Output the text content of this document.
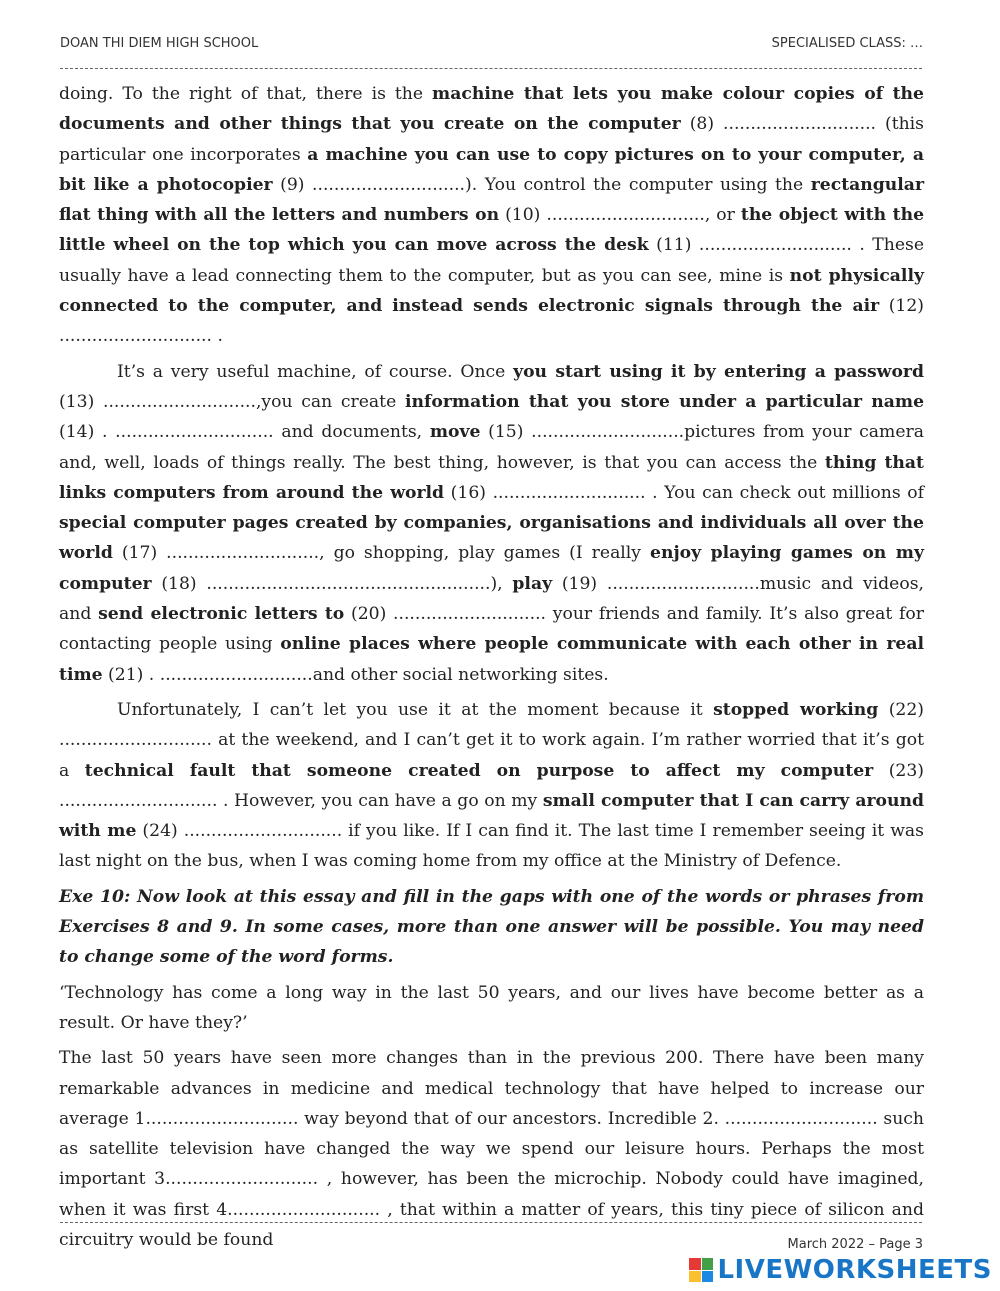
DOAN THI DIEM HIGH SCHOOL	SPECIALISED CLASS: …

doing. To the right of that, there is the machine that lets you make colour copies of the documents and other things that you create on the computer (8) ............................ (this particular one incorporates a machine you can use to copy pictures on to your computer, a bit like a photocopier (9) ............................). You control the computer using the rectangular flat thing with all the letters and numbers on (10) ............................., or the object with the little wheel on the top which you can move across the desk (11) ............................ . These usually have a lead connecting them to the computer, but as you can see, mine is not physically connected to the computer, and instead sends electronic signals through the air (12) ............................ .

It’s a very useful machine, of course. Once you start using it by entering a password (13) ............................,you can create information that you store under a particular name (14) . ............................. and documents, move (15) ............................pictures from your camera and, well, loads of things really. The best thing, however, is that you can access the thing that links computers from around the world (16) ............................ . You can check out millions of special computer pages created by companies, organisations and individuals all over the world (17) ............................, go shopping, play games (I really enjoy playing games on my computer (18) ....................................................), play (19) ............................music and videos, and send electronic letters to (20) ............................ your friends and family. It’s also great for contacting people using online places where people communicate with each other in real time (21) . ............................and other social networking sites.

Unfortunately, I can’t let you use it at the moment because it stopped working (22) ............................ at the weekend, and I can’t get it to work again. I’m rather worried that it’s got a technical fault that someone created on purpose to affect my computer (23) ............................. . However, you can have a go on my small computer that I can carry around with me (24) ............................. if you like. If I can find it. The last time I remember seeing it was last night on the bus, when I was coming home from my office at the Ministry of Defence.

Exe 10: Now look at this essay and fill in the gaps with one of the words or phrases from Exercises 8 and 9. In some cases, more than one answer will be possible. You may need to change some of the word forms.

‘Technology has come a long way in the last 50 years, and our lives have become better as a result. Or have they?’

The last 50 years have seen more changes than in the previous 200. There have been many remarkable advances in medicine and medical technology that have helped to increase our average 1............................ way beyond that of our ancestors. Incredible 2. ............................ such as satellite television have changed the way we spend our leisure hours. Perhaps the most important 3............................ , however, has been the microchip. Nobody could have imagined, when it was first 4............................ , that within a matter of years, this tiny piece of silicon and circuitry would be found	March 2022 – Page 3
LIVEWORKSHEETS
